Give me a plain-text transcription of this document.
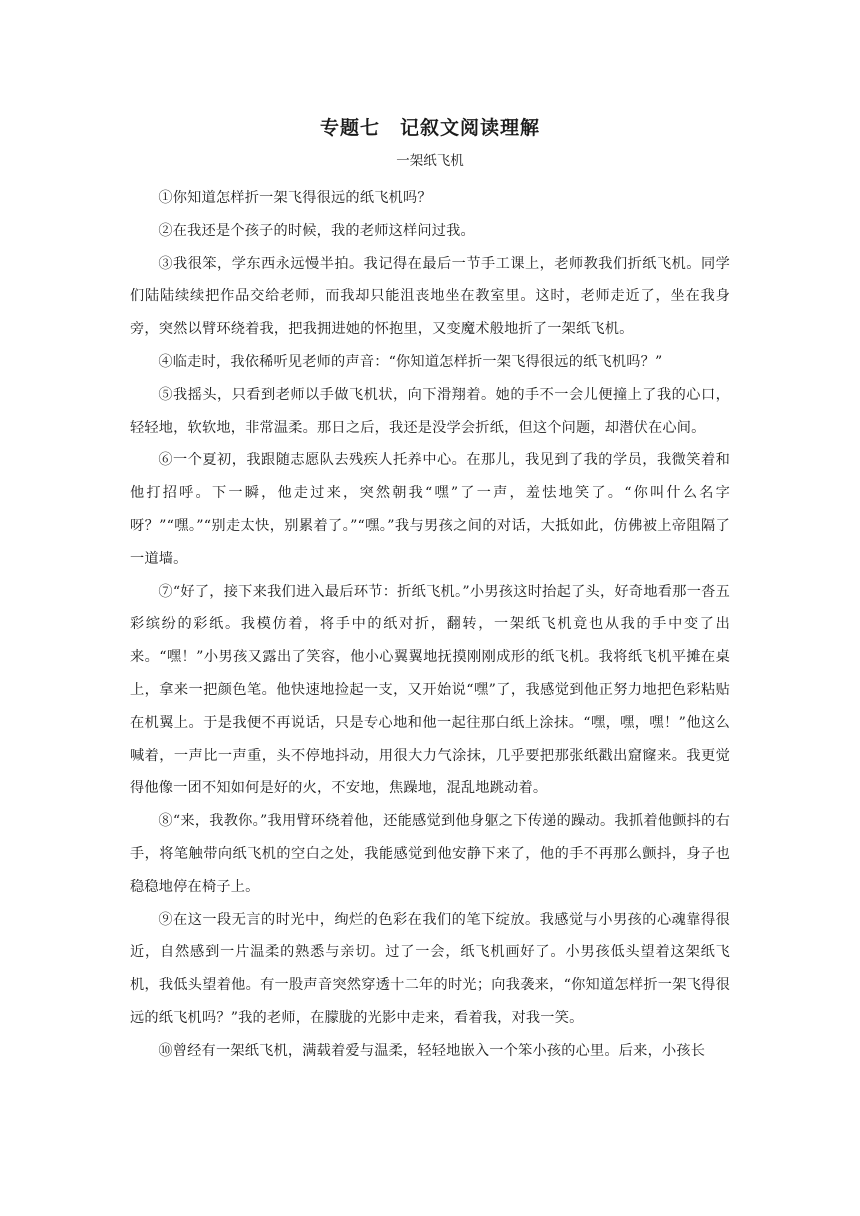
专题七 记叙文阅读理解
一架纸飞机

①你知道怎样折一架飞得很远的纸飞机吗？

②在我还是个孩子的时候，我的老师这样问过我。

③我很笨，学东西永远慢半拍。我记得在最后一节手工课上，老师教我们折纸飞机。同学们陆陆续续把作品交给老师，而我却只能沮丧地坐在教室里。这时，老师走近了，坐在我身旁，突然以臂环绕着我，把我拥进她的怀抱里，又变魔术般地折了一架纸飞机。

④临走时，我依稀听见老师的声音：“你知道怎样折一架飞得很远的纸飞机吗？”

⑤我摇头，只看到老师以手做飞机状，向下滑翔着。她的手不一会儿便撞上了我的心口，轻轻地，软软地，非常温柔。那日之后，我还是没学会折纸，但这个问题，却潜伏在心间。

⑥一个夏初，我跟随志愿队去残疾人托养中心。在那儿，我见到了我的学员，我微笑着和他打招呼。下一瞬，他走过来，突然朝我“嘿”了一声，羞怯地笑了。“你叫什么名字呀？”“嘿。”“别走太快，别累着了。”“嘿。”我与男孩之间的对话，大抵如此，仿佛被上帝阻隔了一道墙。

⑦“好了，接下来我们进入最后环节：折纸飞机。”小男孩这时抬起了头，好奇地看那一沓五彩缤纷的彩纸。我模仿着，将手中的纸对折，翻转，一架纸飞机竟也从我的手中变了出来。“嘿！”小男孩又露出了笑容，他小心翼翼地抚摸刚刚成形的纸飞机。我将纸飞机平摊在桌上，拿来一把颜色笔。他快速地捡起一支，又开始说“嘿”了，我感觉到他正努力地把色彩粘贴在机翼上。于是我便不再说话，只是专心地和他一起往那白纸上涂抹。“嘿，嘿，嘿！”他这么喊着，一声比一声重，头不停地抖动，用很大力气涂抹，几乎要把那张纸戳出窟窿来。我更觉得他像一团不知如何是好的火，不安地，焦躁地，混乱地跳动着。

⑧“来，我教你。”我用臂环绕着他，还能感觉到他身躯之下传递的躁动。我抓着他颤抖的右手，将笔触带向纸飞机的空白之处，我能感觉到他安静下来了，他的手不再那么颤抖，身子也稳稳地停在椅子上。

⑨在这一段无言的时光中，绚烂的色彩在我们的笔下绽放。我感觉与小男孩的心魂靠得很近，自然感到一片温柔的熟悉与亲切。过了一会，纸飞机画好了。小男孩低头望着这架纸飞机，我低头望着他。有一股声音突然穿透十二年的时光；向我袭来，“你知道怎样折一架飞得很远的纸飞机吗？”我的老师，在朦胧的光影中走来，看着我，对我一笑。

⑩曾经有一架纸飞机，满载着爱与温柔，轻轻地嵌入一个笨小孩的心里。后来，小孩长
